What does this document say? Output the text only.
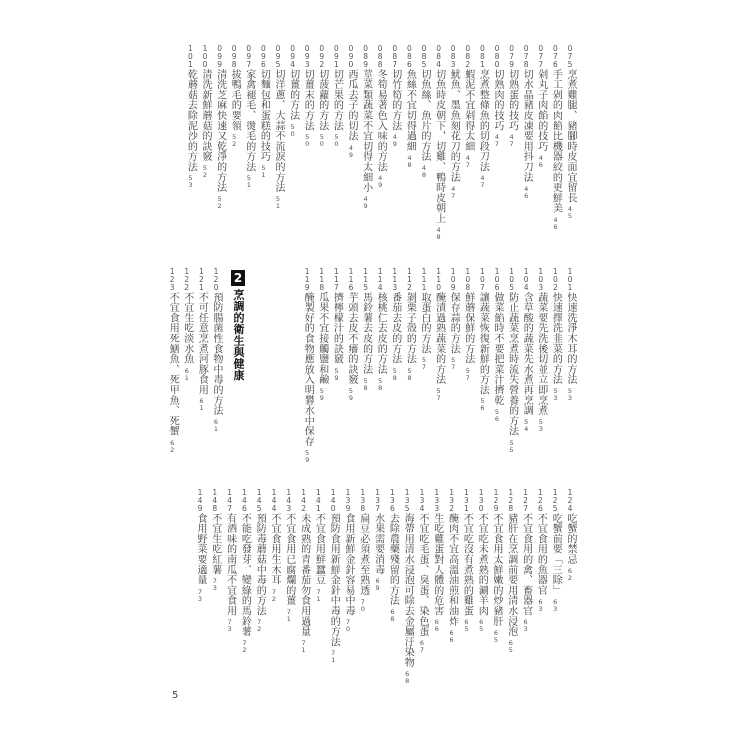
0
7
5
烹煮雞腿、豬腳時皮面宜留長
4
5
0
7
6
手工剁的肉餡比機器絞的更鮮美
4
6
0
7
7
剁丸子肉餡的技巧
4
6
0
7
8
切水晶豬皮凍要用抖刀法
4
6
0
7
9
切熟蛋的技巧
4
7
0
8
0
切熟肉的技巧
4
7
0
8
1
烹煮整條魚的切段刀法
4
7
0
8
2
蝦泥不宜剁得太細
4
7
0
8
3
魷魚、墨魚刻花刀的方法
4
7
0
8
4
切魚時皮朝下，切雞、鴨時皮朝上
4
8
0
8
5
切魚絲、魚片的方法
4
8
0
8
6
魚絲不宜切得過細
4
8
0
8
7
切竹筍的方法
4
9
0
8
8
冬筍易著色入味的方法
4
9
0
8
9
莖菜類蔬菜不宜切得太細小
4
9
0
9
0
西瓜去子的切法
4
9
0
9
1
切芒果的方法
5
0
0
9
2
切菠蘿的方法
5
0
0
9
3
切薑末的方法
5
0
0
9
4
切薑的方法
5
0
0
9
5
切洋蔥、大蒜不流淚的方法
5
1
0
9
6
切麵包和蛋糕的技巧
5
1
0
9
7
家禽褪毛、燙毛的方法
5
1
0
9
8
拔鴨毛的要領
5
2
0
9
9
清洗芝麻快速又乾淨的方法
5
2
1
0
0
清洗新鮮蘑菇的訣竅
5
2
1
0
1
乾蘑菇去除泥沙的方法
5
3
1
0
1
快速洗淨木耳的方法
5
3
1
0
2
快速擇洗韭菜的方法
5
3
1
0
3
蔬菜要先洗後切並立即烹煮
5
3
1
0
4
含草酸的蔬菜先水煮再烹調
5
4
1
0
5
防止蔬菜烹煮時流失營養的方法
5
5
1
0
6
做菜餡時不要把菜汁擠乾
5
6
1
0
7
讓蔬菜恢復新鮮的方法
5
6
1
0
8
鮮蘑保鮮的方法
5
7
1
0
9
保存蒜的方法
5
7
1
1
0
醃漬過熟蔬菜的方法
5
7
1
1
1
取蛋白的方法
5
7
1
1
2
剝栗子殼的方法
5
8
1
1
3
番茄去皮的方法
5
8
1
1
4
核桃仁去皮的方法
5
8
1
1
5
馬鈴薯去皮的方法
5
8
1
1
6
芋頭去皮不癢的訣竅
5
9
1
1
7
擠檸檬汁的訣竅
5
9
1
1
8
瓜果不宜接觸鹽和鹼
5
9
1
1
9
醃製好的食物應放入明礬水中保存
5
9
2
烹調的衛生與健康
1
2
0
預防腸菌性食物中毒的方法
6
1
1
2
1
不可任意烹煮河豚食用
6
1
1
2
2
不宜生吃淡水魚
6
1
1
2
3
不宜食用死鱔魚、死甲魚、死蟹
6
2
1
2
4
吃蟹的禁忌
6
2
1
2
5
吃蟹前要「三除」
6
3
1
2
6
不宜食用的魚器官
6
3
1
2
7
不宜食用的禽、畜器官
6
3
1
2
8
豬肝在烹調前要用清水浸泡
6
5
1
2
9
不宜食用太鮮嫩的炒豬肝
6
5
1
3
0
不宜吃未煮熟的涮羊肉
6
5
1
3
1
不宜吃沒有煮熟的雞蛋
6
5
1
3
2
醃肉不宜高溫油煎和油炸
6
6
1
3
3
生吃雞蛋對人體的危害
6
6
1
3
4
不宜吃毛蛋、臭蛋、染色蛋
6
7
1
3
5
海帶用清水浸泡可除去金屬汙染物
6
8
1
3
6
去除農藥殘留的方法
6
8
1
3
7
水果需要消毒
6
9
1
3
8
扁豆必須煮至熟透
7
0
1
3
9
食用新鮮金針容易中毒
7
0
1
4
0
預防食用新鮮金針中毒的方法
7
1
1
4
1
不宜食用鮮蠶豆
7
1
1
4
2
未成熟的青番茄勿食用過量
7
1
1
4
3
不宜食用已腐爛的薑
7
1
1
4
4
不宜食用生木耳
7
2
1
4
5
預防毒蘑菇中毒的方法
7
2
1
4
6
不能吃發芽、變綠的馬鈴薯
7
2
1
4
7
有酒味的南瓜不宜食用
7
3
1
4
8
不宜生吃紅薯
7
3
1
4
9
食用野菜要適量
7
3
5
